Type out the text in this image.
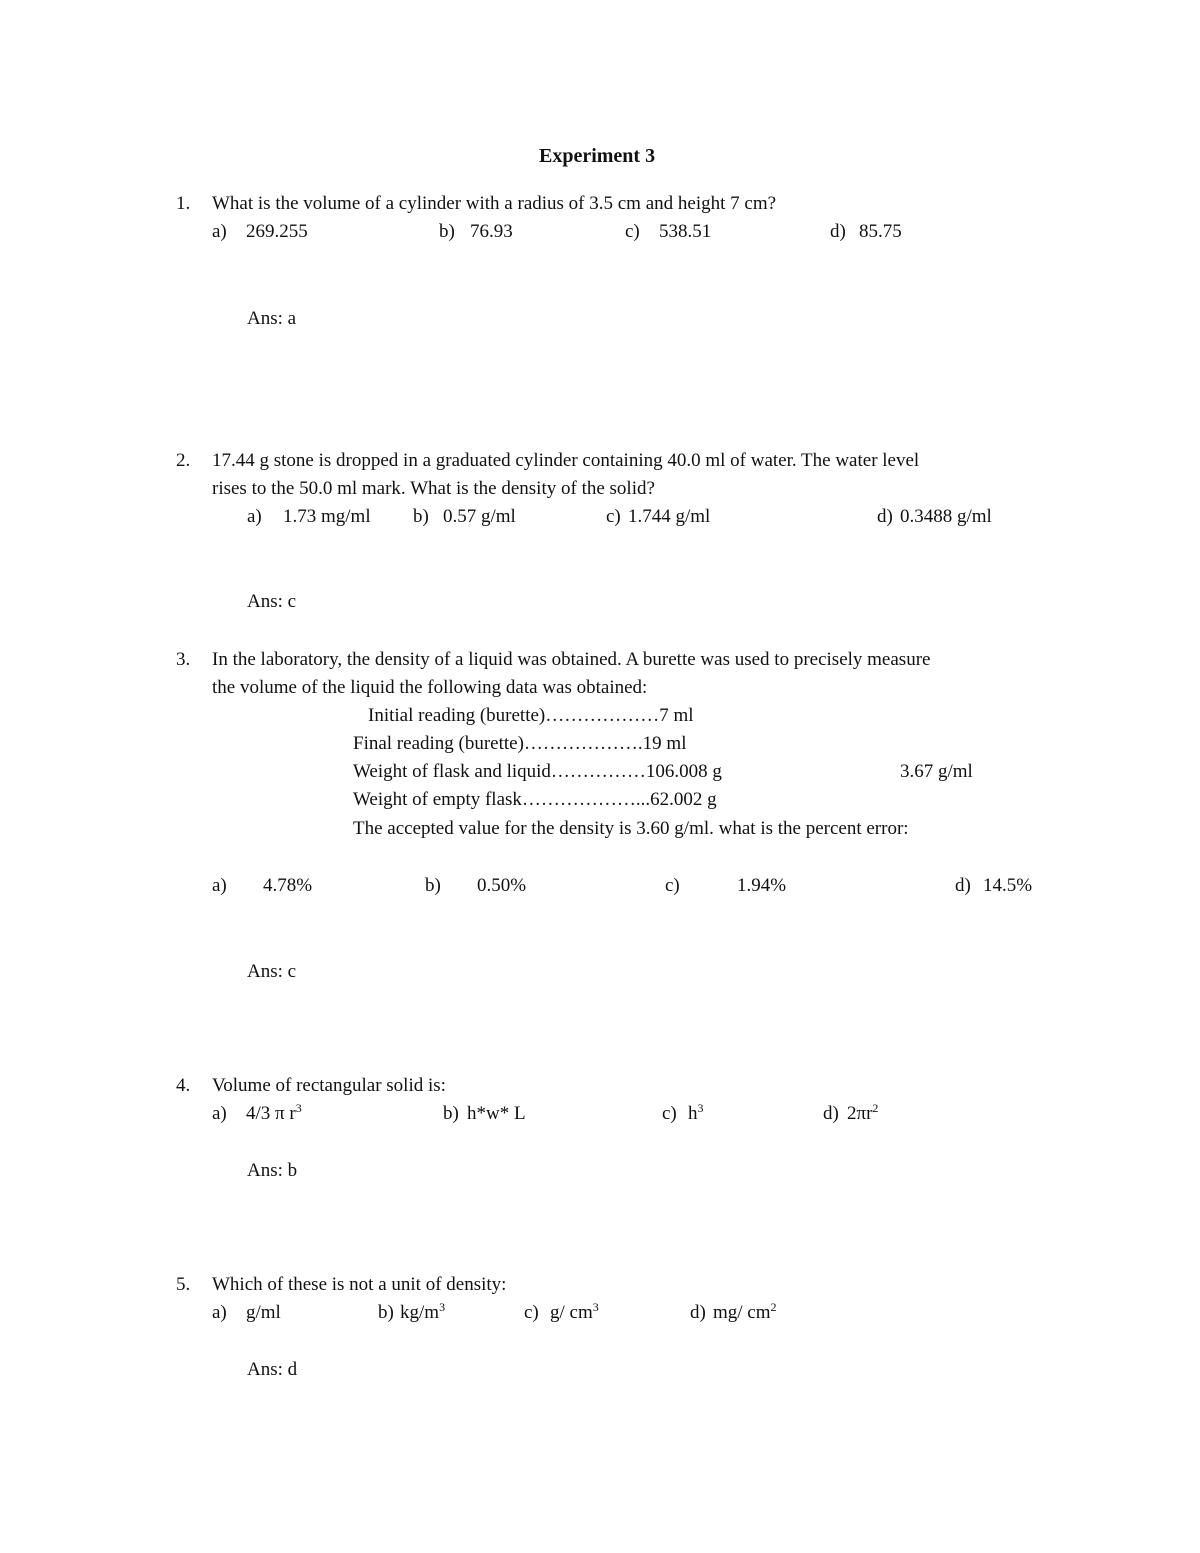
Experiment 3
1. What is the volume of a cylinder with a radius of 3.5 cm and height 7 cm?
a) 269.255	b) 76.93	c) 538.51	d) 85.75
Ans: a
2. 17.44 g stone is dropped in a graduated cylinder containing 40.0 ml of water. The water level
rises to the 50.0 ml mark. What is the density of the solid?
a) 1.73 mg/ml b) 0.57 g/ml	c) 1.744 g/ml	d) 0.3488 g/ml
Ans: c
3. In the laboratory, the density of a liquid was obtained. A burette was used to precisely measure
the volume of the liquid the following data was obtained:
Initial reading (burette)………………7 ml
Final reading (burette)……………….19 ml
Weight of flask and liquid……………106.008 g	3.67 g/ml
Weight of empty flask………………...62.002 g
The accepted value for the density is 3.60 g/ml. what is the percent error:
a) 4.78%	b) 0.50%	c)	1.94%	d) 14.5%
Ans: c
4. Volume of rectangular solid is:
a) 4/3 π $r^3$	b) h*w* L	c) $h^3$	d) $2\pi r^2$
Ans: b
5. Which of these is not a unit of density:
a) g/ml	b) $kg/m^3$	c) g/ $cm^3$	d) mg/ $cm^2$
Ans: d
